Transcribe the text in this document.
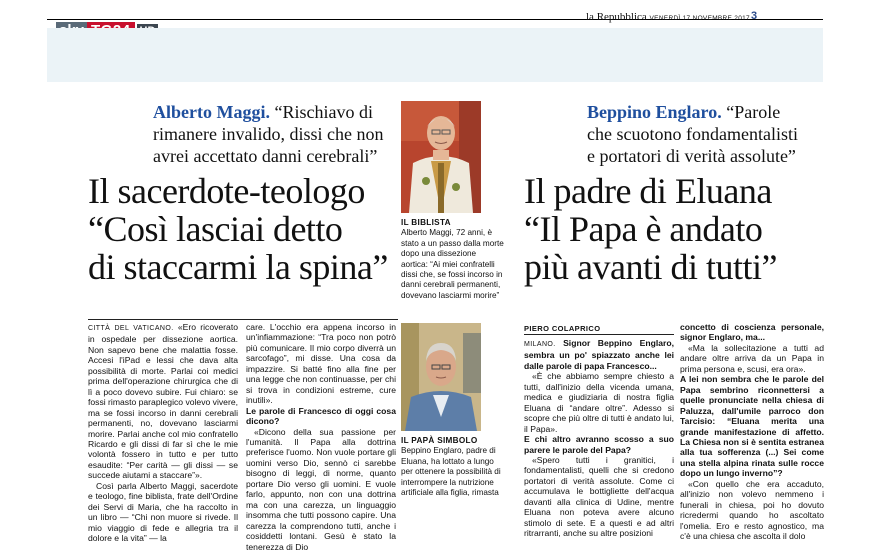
la Repubblica VENERDÌ 17 NOVEMBRE 2017 3
Alberto Maggi. “Rischiavo di rimanere invalido, dissi che non avrei accettato danni cerebrali”
Il sacerdote-teologo
“Così lasciai detto
di staccarmi la spina”
IL BIBLISTA
Alberto Maggi, 72 anni, è stato a un passo dalla morte dopo una dissezione aortica: “Ai miei confratelli dissi che, se fossi incorso in danni cerebrali permanenti, dovevano lasciarmi morire”

CITTÀ DEL VATICANO. «Ero ricoverato in ospedale per dissezione aortica. Non sapevo bene che malattia fosse. Accesi l'iPad e lessi che dava alta possibilità di morte. Parlai coi medici prima dell'operazione chirurgica che di lì a poco dovevo subire. Fui chiaro: se fossi rimasto paraplegico volevo vivere, ma se fossi incorso in danni cerebrali permanenti, no, dovevano lasciarmi morire. Parlai anche col mio confratello Ricardo e gli dissi di far sì che le mie volontà fossero in tutto e per tutto esaudite: “Per carità — gli dissi — se succede aiutami a staccare”».

Così parla Alberto Maggi, sacerdote e teologo, fine biblista, frate dell'Ordine dei Servi di Maria, che ha raccolto in un libro — “Chi non muore si rivede. Il mio viaggio di fede e allegria tra il dolore e la vita” — la

care. L'occhio era appena incorso in un'infiammazione: “Tra poco non potrò più comunicare. Il mio corpo diverrà un sarcofago”, mi disse. Una cosa da impazzire. Si batté fino alla fine per una legge che non continuasse, per chi si trova in condizioni estreme, cure inutili».

Le parole di Francesco di oggi cosa dicono?

«Dicono della sua passione per l'umanità. Il Papa alla dottrina preferisce l'uomo. Non vuole portare gli uomini verso Dio, sennò ci sarebbe bisogno di leggi, di norme, quanto portare Dio verso gli uomini. E vuole farlo, appunto, non con una dottrina ma con una carezza, un linguaggio insomma che tutti possono capire. Una carezza la comprendono tutti, anche i cosiddetti lontani. Gesù è stato la tenerezza di Dio

Beppino Englaro. “Parole che scuotono fondamentalisti e portatori di verità assolute”
Il padre di Eluana
“Il Papa è andato
più avanti di tutti”
IL PAPÀ SIMBOLO
Beppino Englaro, padre di Eluana, ha lottato a lungo per ottenere la possibilità di interrompere la nutrizione artificiale alla figlia, rimasta
PIERO COLAPRICO

MILANO. Signor Beppino Englaro, sembra un po' spiazzato anche lei dalle parole di papa Francesco...

«È che abbiamo sempre chiesto a tutti, dall'inizio della vicenda umana, medica e giudiziaria di nostra figlia Eluana di “andare oltre”. Adesso si scopre che più oltre di tutti è andato lui, il Papa».

E chi altro avranno scosso a suo parere le parole del Papa?

«Spero tutti i granitici, i fondamentalisti, quelli che si credono portatori di verità assolute. Come ci accumulava le bottigliette dell'acqua davanti alla clinica di Udine, mentre Eluana non poteva avere alcuno stimolo di sete. E a questi e ad altri ritrarranti, anche su altre posizioni

concetto di coscienza personale, signor Englaro, ma...

«Ma la sollecitazione a tutti ad andare oltre arriva da un Papa in prima persona e, scusi, era ora».

A lei non sembra che le parole del Papa sembrino riconnettersi a quelle pronunciate nella chiesa di Paluzza, dall'umile parroco don Tarcisio: “Eluana merita una grande manifestazione di affetto. La Chiesa non si è sentita estranea alla tua sofferenza (...) Sei come una stella alpina rinata sulle rocce dopo un lungo inverno”?

«Con quello che era accaduto, all'inizio non volevo nemmeno i funerali in chiesa, poi ho dovuto ricredermi quando ho ascoltato l'omelia. Ero e resto agnostico, ma c'è una chiesa che ascolta il dolo
